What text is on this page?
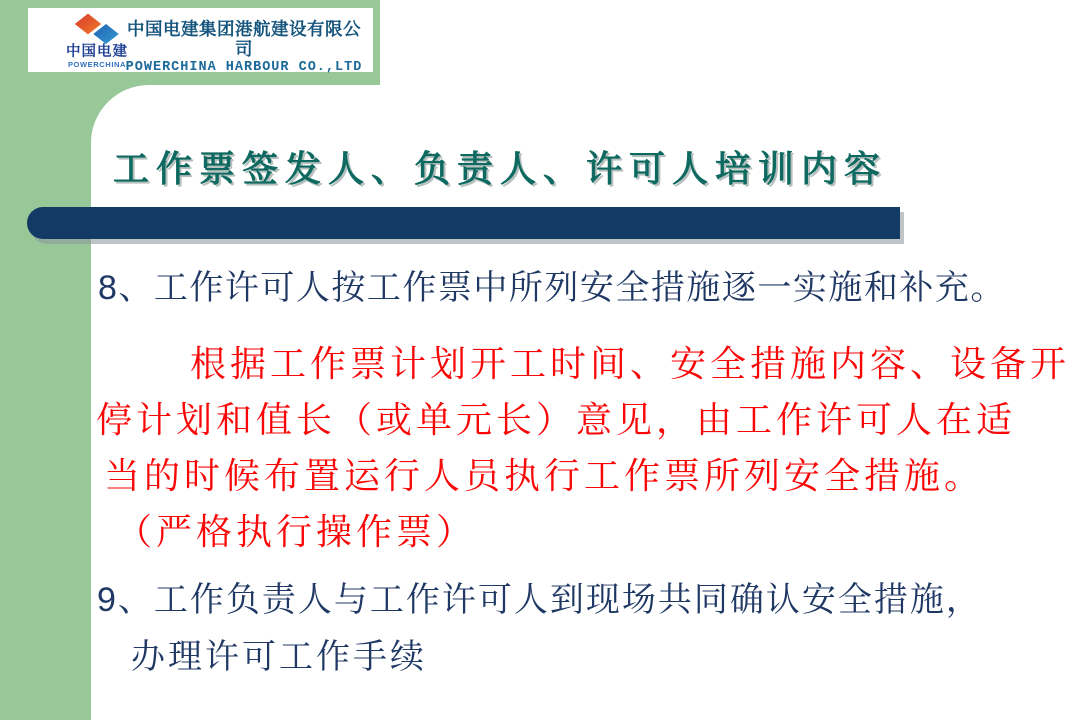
中国电建
POWERCHINA
中国电建集团港航建设有限公司
POWERCHINA HARBOUR CO.,LTD
工作票签发人、负责人、许可人培训内容
8、工作许可人按工作票中所列安全措施逐一实施和补充。
根据工作票计划开工时间、安全措施内容、设备开
停计划和值长（或单元长）意见，由工作许可人在适
当的时候布置运行人员执行工作票所列安全措施。
（严格执行操作票）
9、工作负责人与工作许可人到现场共同确认安全措施，
办理许可工作手续
